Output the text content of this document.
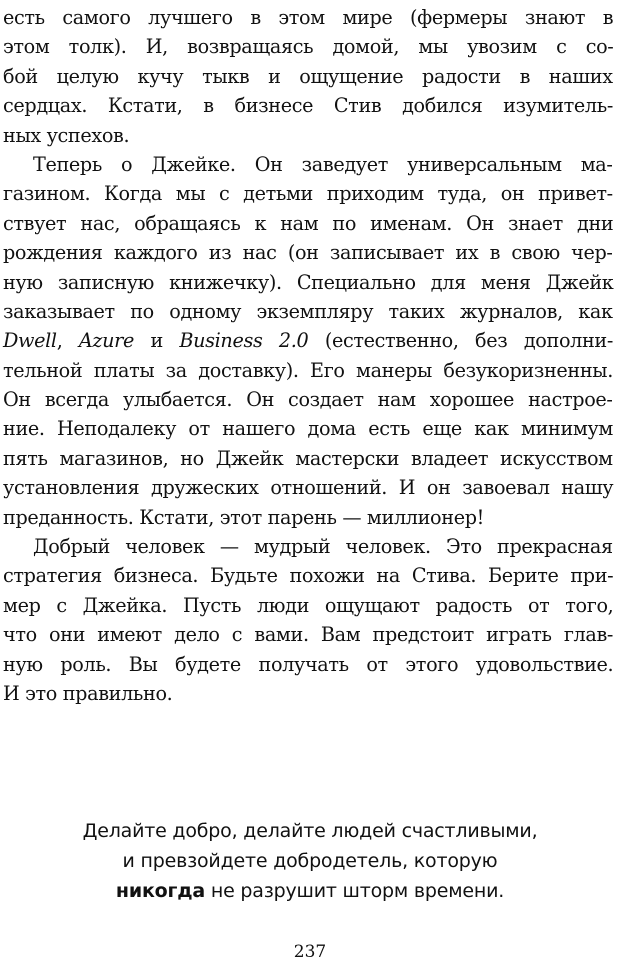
есть самого лучшего в этом мире (фермеры знают в
этом толк). И, возвращаясь домой, мы увозим с со-
бой целую кучу тыкв и ощущение радости в наших
сердцах. Кстати, в бизнесе Стив добился изумитель-
ных успехов.
Теперь о Джейке. Он заведует универсальным ма-
газином. Когда мы с детьми приходим туда, он привет-
ствует нас, обращаясь к нам по именам. Он знает дни
рождения каждого из нас (он записывает их в свою чер-
ную записную книжечку). Специально для меня Джейк
заказывает по одному экземпляру таких журналов, как
Dwell, Azure и Business 2.0 (естественно, без дополни-
тельной платы за доставку). Его манеры безукоризненны.
Он всегда улыбается. Он создает нам хорошее настрое-
ние. Неподалеку от нашего дома есть еще как минимум
пять магазинов, но Джейк мастерски владеет искусством
установления дружеских отношений. И он завоевал нашу
преданность. Кстати, этот парень — миллионер!
Добрый человек — мудрый человек. Это прекрасная
стратегия бизнеса. Будьте похожи на Стива. Берите при-
мер с Джейка. Пусть люди ощущают радость от того,
что они имеют дело с вами. Вам предстоит играть глав-
ную роль. Вы будете получать от этого удовольствие.
И это правильно.
Делайте добро, делайте людей счастливыми,
и превзойдете добродетель, которую
никогда не разрушит шторм времени.
237
